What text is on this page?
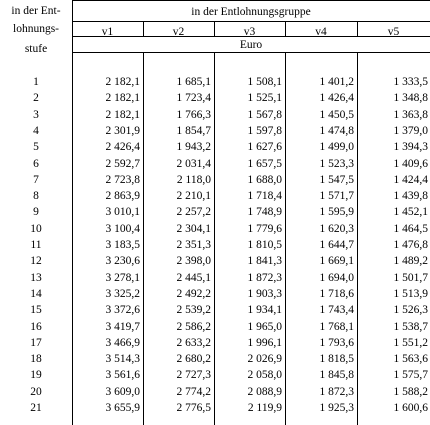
in der Ent-
lohnungs-
stufe
in der Entlohnungsgruppe
v1	v2	v3	v4	v5
Euro
1	2 182,1	1 685,1	1 508,1	1 401,2	1 333,5
2	2 182,1	1 723,4	1 525,1	1 426,4	1 348,8
3	2 182,1	1 766,3	1 567,8	1 450,5	1 363,8
4	2 301,9	1 854,7	1 597,8	1 474,8	1 379,0
5	2 426,4	1 943,2	1 627,6	1 499,0	1 394,3
6	2 592,7	2 031,4	1 657,5	1 523,3	1 409,6
7	2 723,8	2 118,0	1 688,0	1 547,5	1 424,4
8	2 863,9	2 210,1	1 718,4	1 571,7	1 439,8
9	3 010,1	2 257,2	1 748,9	1 595,9	1 452,1
10	3 100,4	2 304,1	1 779,6	1 620,3	1 464,5
11	3 183,5	2 351,3	1 810,5	1 644,7	1 476,8
12	3 230,6	2 398,0	1 841,3	1 669,1	1 489,2
13	3 278,1	2 445,1	1 872,3	1 694,0	1 501,7
14	3 325,2	2 492,2	1 903,3	1 718,6	1 513,9
15	3 372,6	2 539,2	1 934,1	1 743,4	1 526,3
16	3 419,7	2 586,2	1 965,0	1 768,1	1 538,7
17	3 466,9	2 633,2	1 996,1	1 793,6	1 551,2
18	3 514,3	2 680,2	2 026,9	1 818,5	1 563,6
19	3 561,6	2 727,3	2 058,0	1 845,8	1 575,7
20	3 609,0	2 774,2	2 088,9	1 872,3	1 588,2
21	3 655,9	2 776,5	2 119,9	1 925,3	1 600,6
